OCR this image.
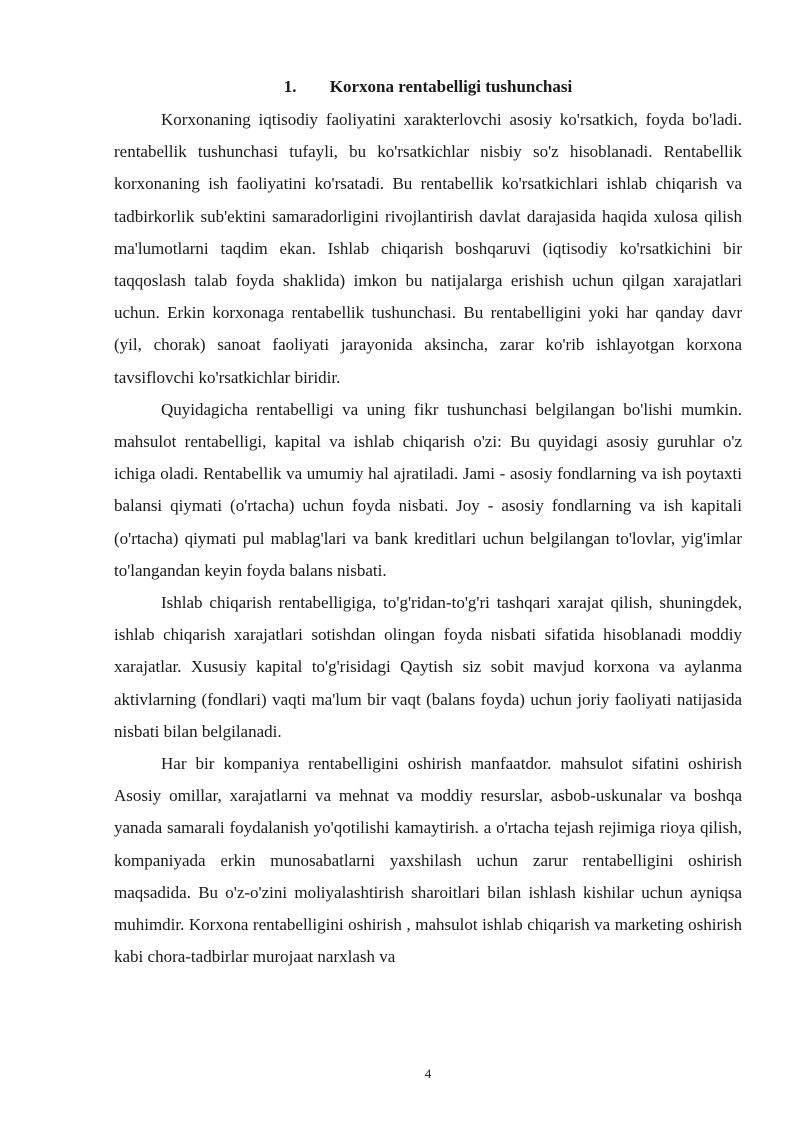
1. Korxona rentabelligi tushunchasi

Korxonaning iqtisodiy faoliyatini xarakterlovchi asosiy ko'rsatkich, foyda bo'ladi. rentabellik tushunchasi tufayli, bu ko'rsatkichlar nisbiy so'z hisoblanadi. Rentabellik korxonaning ish faoliyatini ko'rsatadi. Bu rentabellik ko'rsatkichlari ishlab chiqarish va tadbirkorlik sub'ektini samaradorligini rivojlantirish davlat darajasida haqida xulosa qilish ma'lumotlarni taqdim ekan. Ishlab chiqarish boshqaruvi (iqtisodiy ko'rsatkichini bir taqqoslash talab foyda shaklida) imkon bu natijalarga erishish uchun qilgan xarajatlari uchun. Erkin korxonaga rentabellik tushunchasi. Bu rentabelligini yoki har qanday davr (yil, chorak) sanoat faoliyati jarayonida aksincha, zarar ko'rib ishlayotgan korxona tavsiflovchi ko'rsatkichlar biridir.

Quyidagicha rentabelligi va uning fikr tushunchasi belgilangan bo'lishi mumkin. mahsulot rentabelligi, kapital va ishlab chiqarish o'zi: Bu quyidagi asosiy guruhlar o'z ichiga oladi. Rentabellik va umumiy hal ajratiladi. Jami - asosiy fondlarning va ish poytaxti balansi qiymati (o'rtacha) uchun foyda nisbati. Joy - asosiy fondlarning va ish kapitali (o'rtacha) qiymati pul mablag'lari va bank kreditlari uchun belgilangan to'lovlar, yig'imlar to'langandan keyin foyda balans nisbati.

Ishlab chiqarish rentabelligiga, to'g'ridan-to'g'ri tashqari xarajat qilish, shuningdek, ishlab chiqarish xarajatlari sotishdan olingan foyda nisbati sifatida hisoblanadi moddiy xarajatlar. Xususiy kapital to'g'risidagi Qaytish siz sobit mavjud korxona va aylanma aktivlarning (fondlari) vaqti ma'lum bir vaqt (balans foyda) uchun joriy faoliyati natijasida nisbati bilan belgilanadi.

Har bir kompaniya rentabelligini oshirish manfaatdor. mahsulot sifatini oshirish Asosiy omillar, xarajatlarni va mehnat va moddiy resurslar, asbob-uskunalar va boshqa yanada samarali foydalanish yo'qotilishi kamaytirish. a o'rtacha tejash rejimiga rioya qilish, kompaniyada erkin munosabatlarni yaxshilash uchun zarur rentabelligini oshirish maqsadida. Bu o'z-o'zini moliyalashtirish sharoitlari bilan ishlash kishilar uchun ayniqsa muhimdir. Korxona rentabelligini oshirish , mahsulot ishlab chiqarish va marketing oshirish kabi chora-tadbirlar murojaat narxlash va

4
